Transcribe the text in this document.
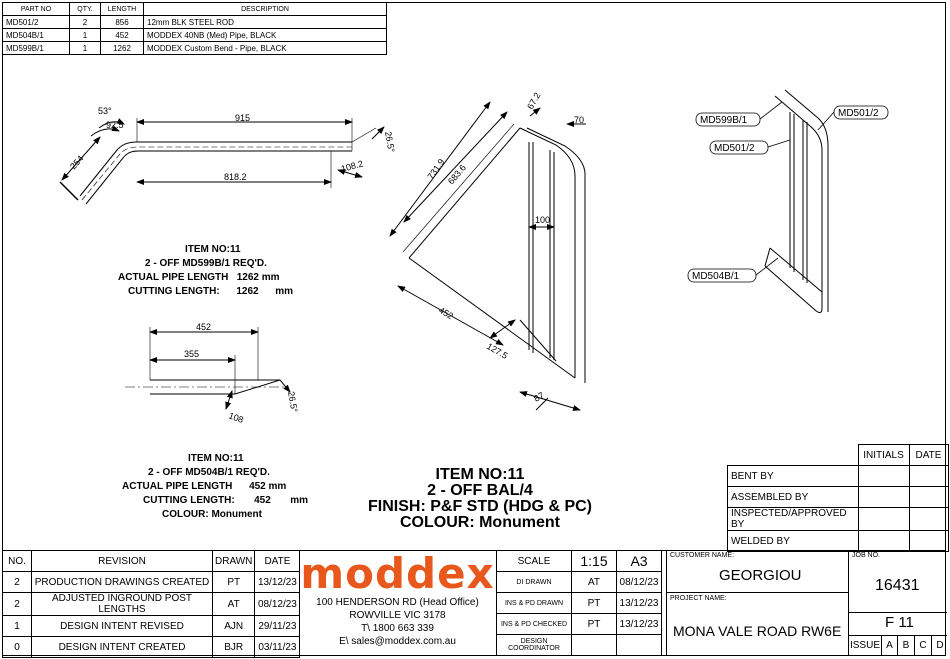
PART NO	QTY.	LENGTH	DESCRIPTION
MD501/2	2	856	12mm BLK STEEL ROD
MD504B/1	1	452	MODDEX 40NB (Med) Pipe, BLACK
MD599B/1	1	1262	MODDEX Custom Bend - Pipe, BLACK
915
818.2
92.5
53°
254
26.5°
108.2
452
355
108
26.5°
731.9 683.6
67.2
70
100
452
127.5
87
MD599B/1
MD501/2
MD501/2
MD504B/1
ITEM NO:11
2 - OFF MD599B/1 REQ'D.
ACTUAL PIPE LENGTH 1262 mm
CUTTING LENGTH: 1262 mm
ITEM NO:11
2 - OFF MD504B/1 REQ'D.
ACTUAL PIPE LENGTH 452 mm
CUTTING LENGTH: 452 mm
COLOUR: Monument
ITEM NO:11
2 - OFF BAL/4
FINISH: P&F STD (HDG & PC)
COLOUR: Monument
	INITIALS	DATE
BENT BY		
ASSEMBLED BY		
INSPECTED/APPROVED BY		
WELDED BY		
NO.	REVISION	DRAWN	DATE
2	PRODUCTION DRAWINGS CREATED	PT	13/12/23
2	ADJUSTED INGROUND POST LENGTHS	AT	08/12/23
1	DESIGN INTENT REVISED	AJN	29/11/23
0	DESIGN INTENT CREATED	BJR	03/11/23
moddex
100 HENDERSON RD (Head Office)
ROWVILLE VIC 3178
T\ 1800 663 339
E\ sales@moddex.com.au
SCALE	1:15	A3
DI DRAWN	AT	08/12/23
INS & PD DRAWN	PT	13/12/23
INS & PD CHECKED	PT	13/12/23
DESIGN COORDINATOR		
CUSTOMER NAME:
GEORGIOU
PROJECT NAME:
MONA VALE ROAD RW6E
JOB NO.
16431
F 11
ISSUE A B	C D
